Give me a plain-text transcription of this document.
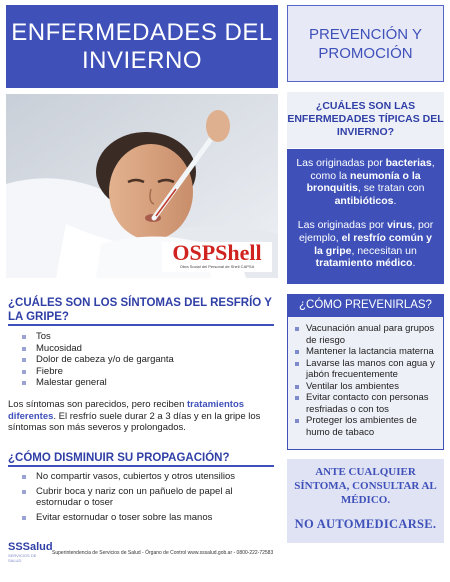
ENFERMEDADES DEL
INVIERNO
PREVENCIÓN Y
PROMOCIÓN
OSPShell
Obra Social del Personal de Shell CAPSA
¿CUÁLES SON LAS ENFERMEDADES TÍPICAS DEL INVIERNO?

Las originadas por bacterias, como la neumonía o la bronquitis, se tratan con antibióticos.

Las originadas por virus, por ejemplo, el resfrío común y la gripe, necesitan un tratamiento médico.

¿CÓMO PREVENIRLAS?
Vacunación anual para grupos de riesgo
Mantener la lactancia materna
Lavarse las manos con agua y jabón frecuentemente
Ventilar los ambientes
Evitar contacto con personas resfriadas o con tos
Proteger los ambientes de humo de tabaco
ANTE CUALQUIER SÍNTOMA, CONSULTAR AL MÉDICO.
NO AUTOMEDICARSE.
¿CUÁLES SON LOS SÍNTOMAS DEL RESFRÍO Y LA GRIPE?
Tos
Mucosidad
Dolor de cabeza y/o de garganta
Fiebre
Malestar general
Los síntomas son parecidos, pero reciben tratamientos diferentes. El resfrío suele durar 2 a 3 días y en la gripe los síntomas son más severos y prolongados.
¿CÓMO DISMINUIR SU PROPAGACIÓN?
No compartir vasos, cubiertos y otros utensilios
Cubrir boca y nariz con un pañuelo de papel al estornudar o toser
Evitar estornudar o toser sobre las manos
SSSalud
SERVICIOS DE SALUD
Superintendencia de Servicios de Salud - Órgano de Control www.sssalud.gob.ar - 0800-222-72583
